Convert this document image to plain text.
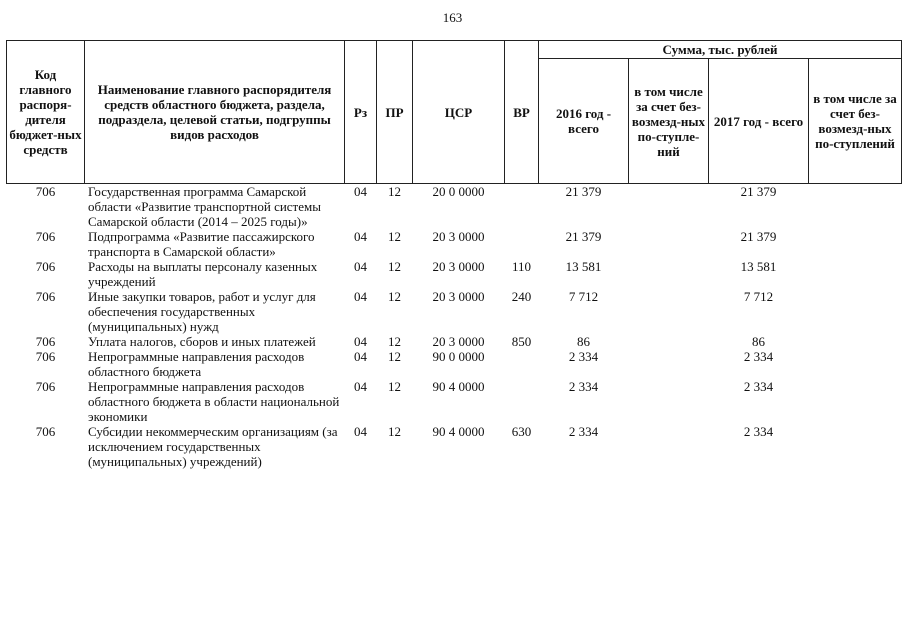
163
Код главного распоря-дителя бюджет-ных средств	Наименование главного распорядителя средств областного бюджета, раздела, подраздела, целевой статьи, подгруппы видов расходов	Рз	ПР	ЦСР	ВР	Сумма, тыс. рублей			
						2016 год - всего	в том числе за счет без-возмезд-ных по-ступле-ний	2017 год - всего	в том числе за счет без-возмезд-ных по-ступлений
706	Государственная программа Самарской области «Развитие транспортной системы Самарской области (2014 – 2025 годы)»	04	12	20 0 0000		21 379		21 379	
706	Подпрограмма «Развитие пассажирского транспорта в Самарской области»	04	12	20 3 0000		21 379		21 379	
706	Расходы на выплаты персоналу казенных учреждений	04	12	20 3 0000	110	13 581		13 581	
706	Иные закупки товаров, работ и услуг для обеспечения государственных (муниципальных) нужд	04	12	20 3 0000	240	7 712		7 712	
706	Уплата налогов, сборов и иных платежей	04	12	20 3 0000	850	86		86	
706	Непрограммные направления расходов областного бюджета	04	12	90 0 0000		2 334		2 334	
706	Непрограммные направления расходов областного бюджета в области национальной экономики	04	12	90 4 0000		2 334		2 334	
706	Субсидии некоммерческим организациям (за исключением государственных (муниципальных) учреждений)	04	12	90 4 0000	630	2 334		2 334	
